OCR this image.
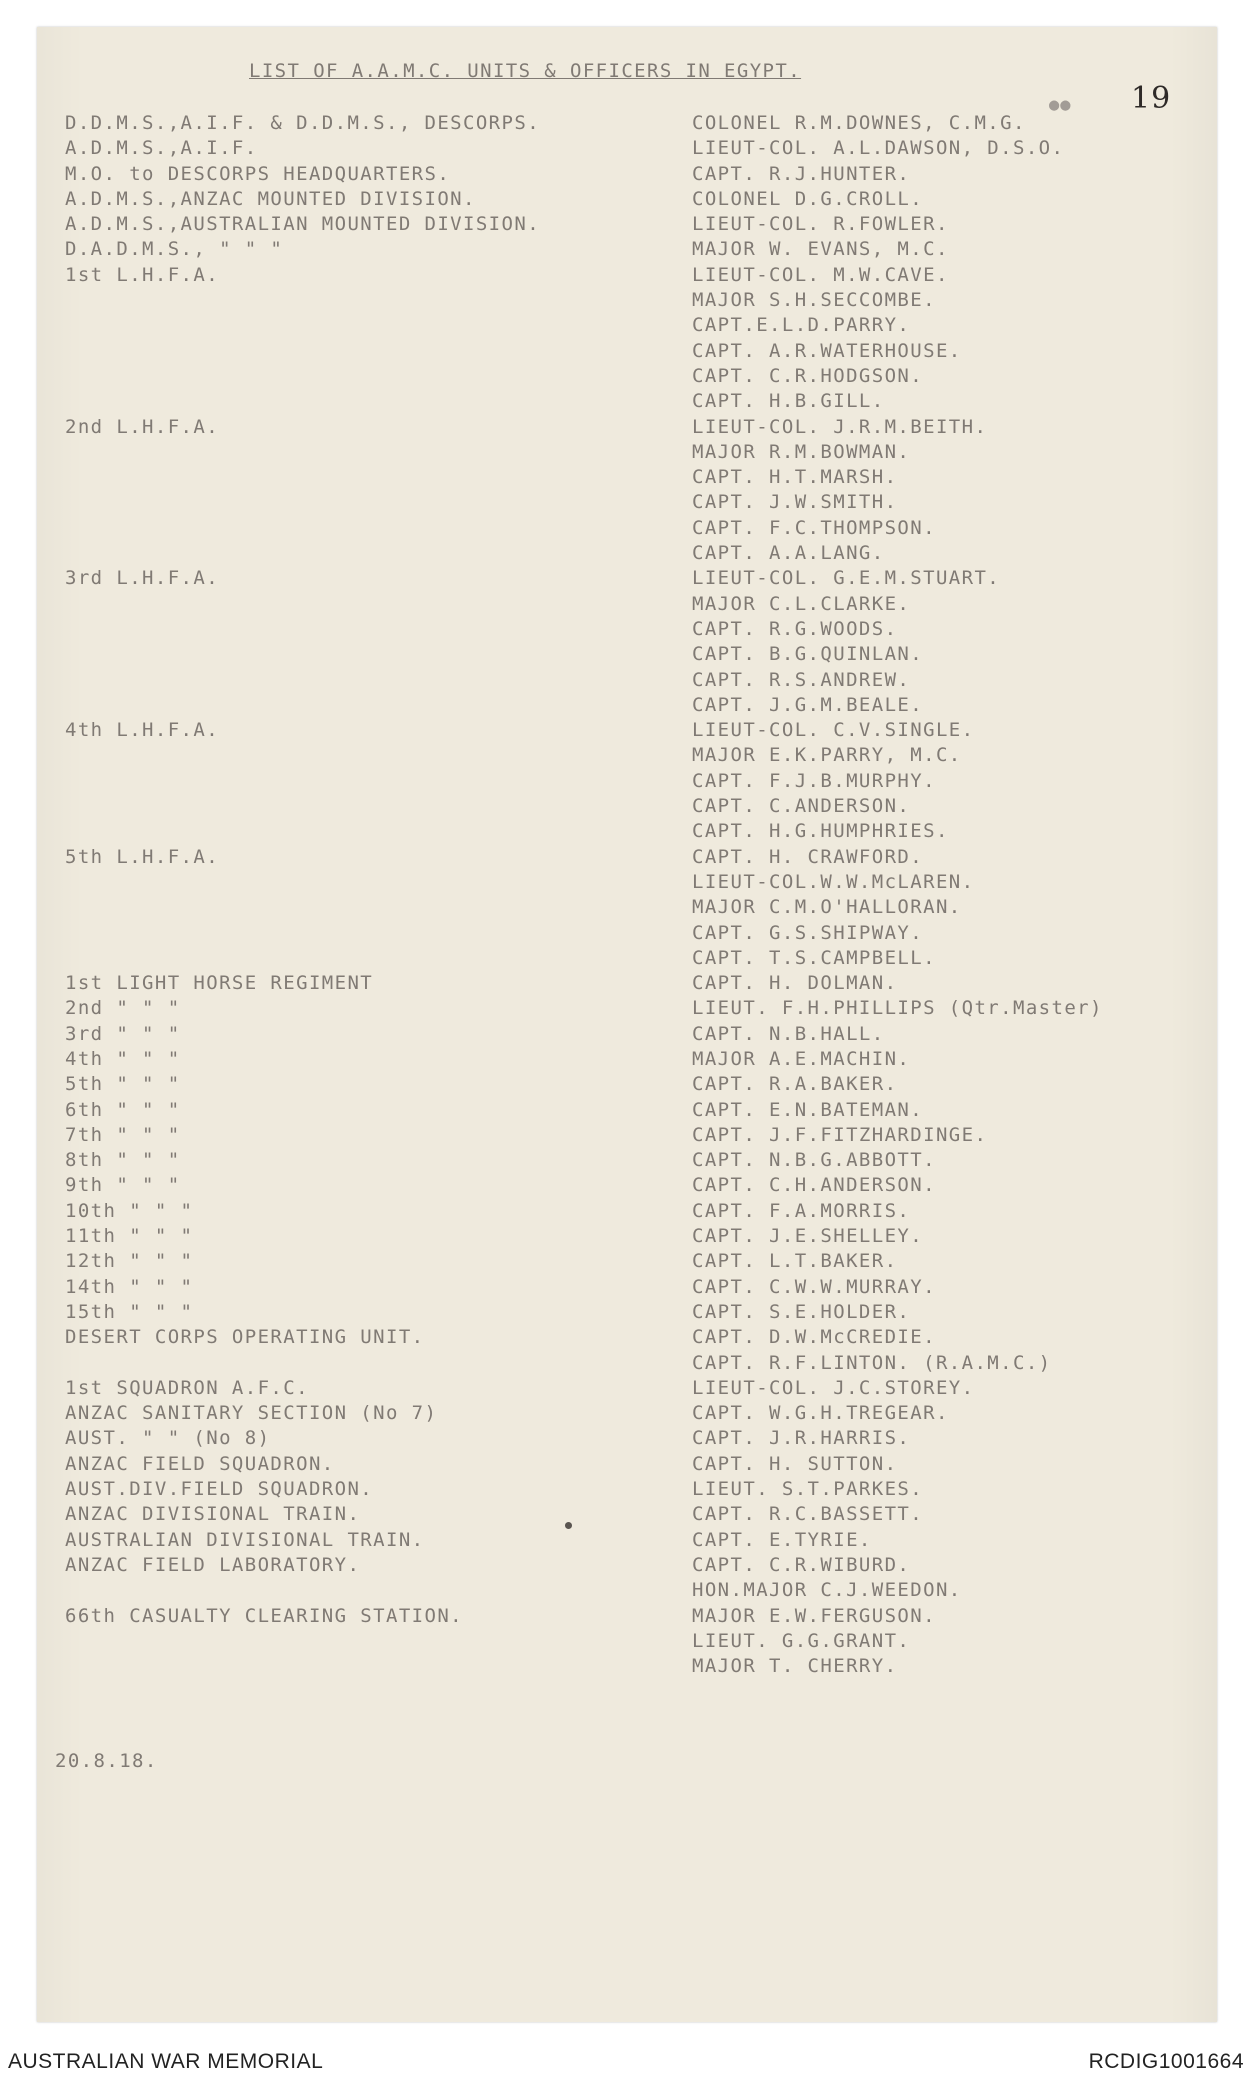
LIST OF A.A.M.C. UNITS & OFFICERS IN EGYPT.
●●	19
D.D.M.S.,A.I.F. & D.D.M.S., DESCORPS.
A.D.M.S.,A.I.F.
M.O. to DESCORPS HEADQUARTERS.
A.D.M.S.,ANZAC MOUNTED DIVISION.
A.D.M.S.,AUSTRALIAN MOUNTED DIVISION.
D.A.D.M.S., " " "
1st L.H.F.A.
2nd L.H.F.A.
3rd L.H.F.A.
4th L.H.F.A.
5th L.H.F.A.
1st LIGHT HORSE REGIMENT
2nd " " "
3rd " " "
4th " " "
5th " " "
6th " " "
7th " " "
8th " " "
9th " " "
10th " " "
11th " " "
12th " " "
14th " " "
15th " " "
DESERT CORPS OPERATING UNIT.
1st SQUADRON A.F.C.
ANZAC SANITARY SECTION (No 7)
AUST. " " (No 8)
ANZAC FIELD SQUADRON.
AUST.DIV.FIELD SQUADRON.
ANZAC DIVISIONAL TRAIN.
AUSTRALIAN DIVISIONAL TRAIN.
ANZAC FIELD LABORATORY.
66th CASUALTY CLEARING STATION.
COLONEL R.M.DOWNES, C.M.G.
LIEUT-COL. A.L.DAWSON, D.S.O.
CAPT. R.J.HUNTER.
COLONEL D.G.CROLL.
LIEUT-COL. R.FOWLER.
MAJOR W. EVANS, M.C.
LIEUT-COL. M.W.CAVE.
MAJOR S.H.SECCOMBE.
CAPT.E.L.D.PARRY.
CAPT. A.R.WATERHOUSE.
CAPT. C.R.HODGSON.
CAPT. H.B.GILL.
LIEUT-COL. J.R.M.BEITH.
MAJOR R.M.BOWMAN.
CAPT. H.T.MARSH.
CAPT. J.W.SMITH.
CAPT. F.C.THOMPSON.
CAPT. A.A.LANG.
LIEUT-COL. G.E.M.STUART.
MAJOR C.L.CLARKE.
CAPT. R.G.WOODS.
CAPT. B.G.QUINLAN.
CAPT. R.S.ANDREW.
CAPT. J.G.M.BEALE.
LIEUT-COL. C.V.SINGLE.
MAJOR E.K.PARRY, M.C.
CAPT. F.J.B.MURPHY.
CAPT. C.ANDERSON.
CAPT. H.G.HUMPHRIES.
CAPT. H. CRAWFORD.
LIEUT-COL.W.W.McLAREN.
MAJOR C.M.O'HALLORAN.
CAPT. G.S.SHIPWAY.
CAPT. T.S.CAMPBELL.
CAPT. H. DOLMAN.
LIEUT. F.H.PHILLIPS (Qtr.Master)
CAPT. N.B.HALL.
MAJOR A.E.MACHIN.
CAPT. R.A.BAKER.
CAPT. E.N.BATEMAN.
CAPT. J.F.FITZHARDINGE.
CAPT. N.B.G.ABBOTT.
CAPT. C.H.ANDERSON.
CAPT. F.A.MORRIS.
CAPT. J.E.SHELLEY.
CAPT. L.T.BAKER.
CAPT. C.W.W.MURRAY.
CAPT. S.E.HOLDER.
CAPT. D.W.McCREDIE.
CAPT. R.F.LINTON. (R.A.M.C.)
LIEUT-COL. J.C.STOREY.
CAPT. W.G.H.TREGEAR.
CAPT. J.R.HARRIS.
CAPT. H. SUTTON.
LIEUT. S.T.PARKES.
CAPT. R.C.BASSETT.
CAPT. E.TYRIE.
CAPT. C.R.WIBURD.
HON.MAJOR C.J.WEEDON.
MAJOR E.W.FERGUSON.
LIEUT. G.G.GRANT.
MAJOR T. CHERRY.
20.8.18.
AUSTRALIAN WAR MEMORIAL	RCDIG1001664
